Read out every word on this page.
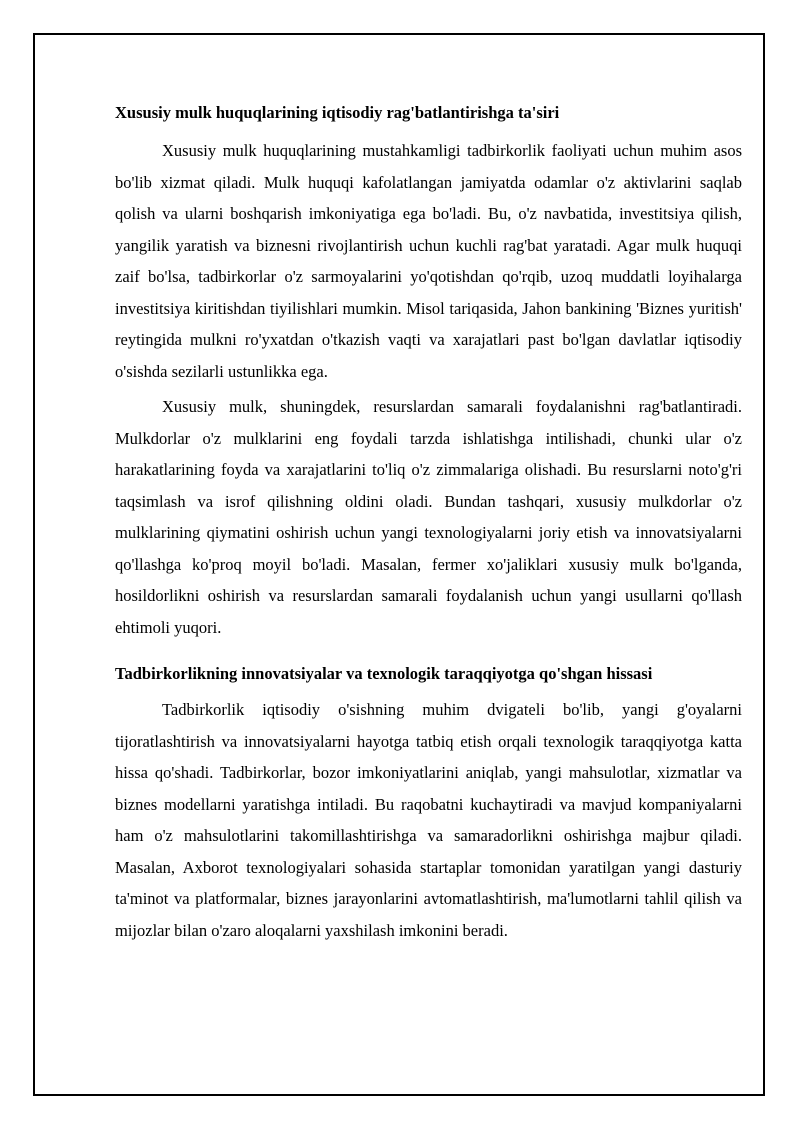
Xususiy mulk huquqlarining iqtisodiy rag'batlantirishga ta'siri

Xususiy mulk huquqlarining mustahkamligi tadbirkorlik faoliyati uchun muhim asos bo'lib xizmat qiladi. Mulk huquqi kafolatlangan jamiyatda odamlar o'z aktivlarini saqlab qolish va ularni boshqarish imkoniyatiga ega bo'ladi. Bu, o'z navbatida, investitsiya qilish, yangilik yaratish va biznesni rivojlantirish uchun kuchli rag'bat yaratadi. Agar mulk huquqi zaif bo'lsa, tadbirkorlar o'z sarmoyalarini yo'qotishdan qo'rqib, uzoq muddatli loyihalarga investitsiya kiritishdan tiyilishlari mumkin. Misol tariqasida, Jahon bankining 'Biznes yuritish' reytingida mulkni ro'yxatdan o'tkazish vaqti va xarajatlari past bo'lgan davlatlar iqtisodiy o'sishda sezilarli ustunlikka ega.

Xususiy mulk, shuningdek, resurslardan samarali foydalanishni rag'batlantiradi. Mulkdorlar o'z mulklarini eng foydali tarzda ishlatishga intilishadi, chunki ular o'z harakatlarining foyda va xarajatlarini to'liq o'z zimmalariga olishadi. Bu resurslarni noto'g'ri taqsimlash va isrof qilishning oldini oladi. Bundan tashqari, xususiy mulkdorlar o'z mulklarining qiymatini oshirish uchun yangi texnologiyalarni joriy etish va innovatsiyalarni qo'llashga ko'proq moyil bo'ladi. Masalan, fermer xo'jaliklari xususiy mulk bo'lganda, hosildorlikni oshirish va resurslardan samarali foydalanish uchun yangi usullarni qo'llash ehtimoli yuqori.

Tadbirkorlikning innovatsiyalar va texnologik taraqqiyotga qo'shgan hissasi

Tadbirkorlik iqtisodiy o'sishning muhim dvigateli bo'lib, yangi g'oyalarni tijoratlashtirish va innovatsiyalarni hayotga tatbiq etish orqali texnologik taraqqiyotga katta hissa qo'shadi. Tadbirkorlar, bozor imkoniyatlarini aniqlab, yangi mahsulotlar, xizmatlar va biznes modellarni yaratishga intiladi. Bu raqobatni kuchaytiradi va mavjud kompaniyalarni ham o'z mahsulotlarini takomillashtirishga va samaradorlikni oshirishga majbur qiladi. Masalan, Axborot texnologiyalari sohasida startaplar tomonidan yaratilgan yangi dasturiy ta'minot va platformalar, biznes jarayonlarini avtomatlashtirish, ma'lumotlarni tahlil qilish va mijozlar bilan o'zaro aloqalarni yaxshilash imkonini beradi.
